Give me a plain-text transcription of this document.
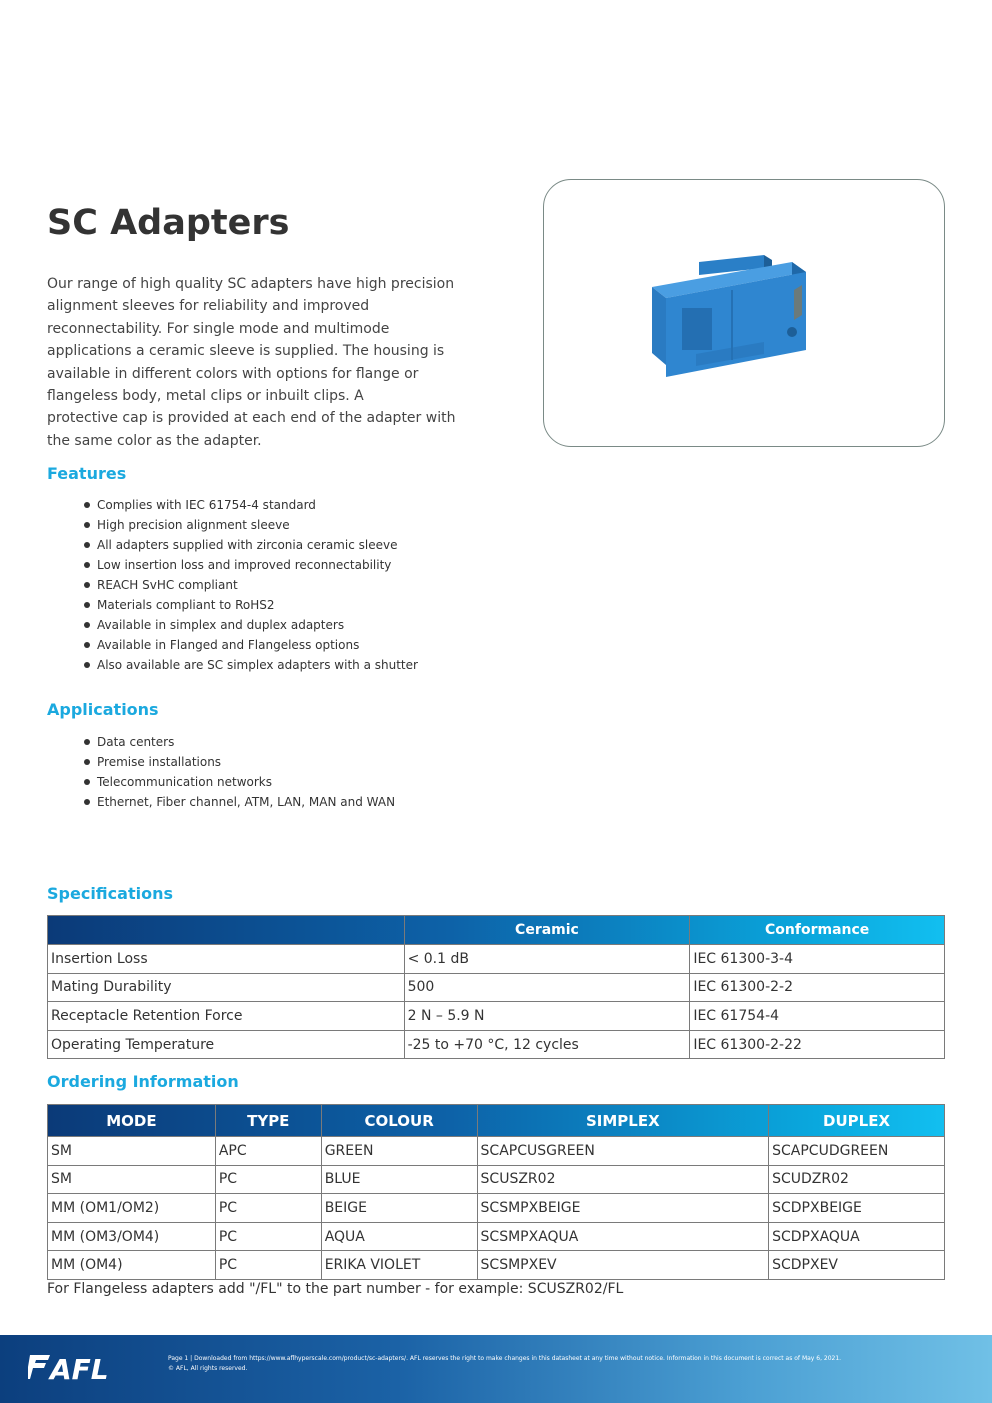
SC Adapters
Our range of high quality SC adapters have high precision
alignment sleeves for reliability and improved
reconnectability. For single mode and multimode
applications a ceramic sleeve is supplied. The housing is
available in different colors with options for flange or
flangeless body, metal clips or inbuilt clips. A
protective cap is provided at each end of the adapter with
the same color as the adapter.
Features
Complies with IEC 61754-4 standard
High precision alignment sleeve
All adapters supplied with zirconia ceramic sleeve
Low insertion loss and improved reconnectability
REACH SvHC compliant
Materials compliant to RoHS2
Available in simplex and duplex adapters
Available in Flanged and Flangeless options
Also available are SC simplex adapters with a shutter
Applications
Data centers
Premise installations
Telecommunication networks
Ethernet, Fiber channel, ATM, LAN, MAN and WAN
Specifications
	Ceramic	Conformance
Insertion Loss	< 0.1 dB	IEC 61300-3-4
Mating Durability	500	IEC 61300-2-2
Receptacle Retention Force	2 N – 5.9 N	IEC 61754-4
Operating Temperature	-25 to +70 °C, 12 cycles	IEC 61300-2-22
Ordering Information
MODE	TYPE	COLOUR	SIMPLEX	DUPLEX
SM	APC	GREEN	SCAPCUSGREEN	SCAPCUDGREEN
SM	PC	BLUE	SCUSZR02	SCUDZR02
MM (OM1/OM2)	PC	BEIGE	SCSMPXBEIGE	SCDPXBEIGE
MM (OM3/OM4)	PC	AQUA	SCSMPXAQUA	SCDPXAQUA
MM (OM4)	PC	ERIKA VIOLET	SCSMPXEV	SCDPXEV
For Flangeless adapters add "/FL" to the part number - for example: SCUSZR02/FL
AFL	Page 1 | Downloaded from https://www.aflhyperscale.com/product/sc-adapters/. AFL reserves the right to make changes in this datasheet at any time without notice. Information in this document is correct as of May 6, 2021.
© AFL, All rights reserved.
